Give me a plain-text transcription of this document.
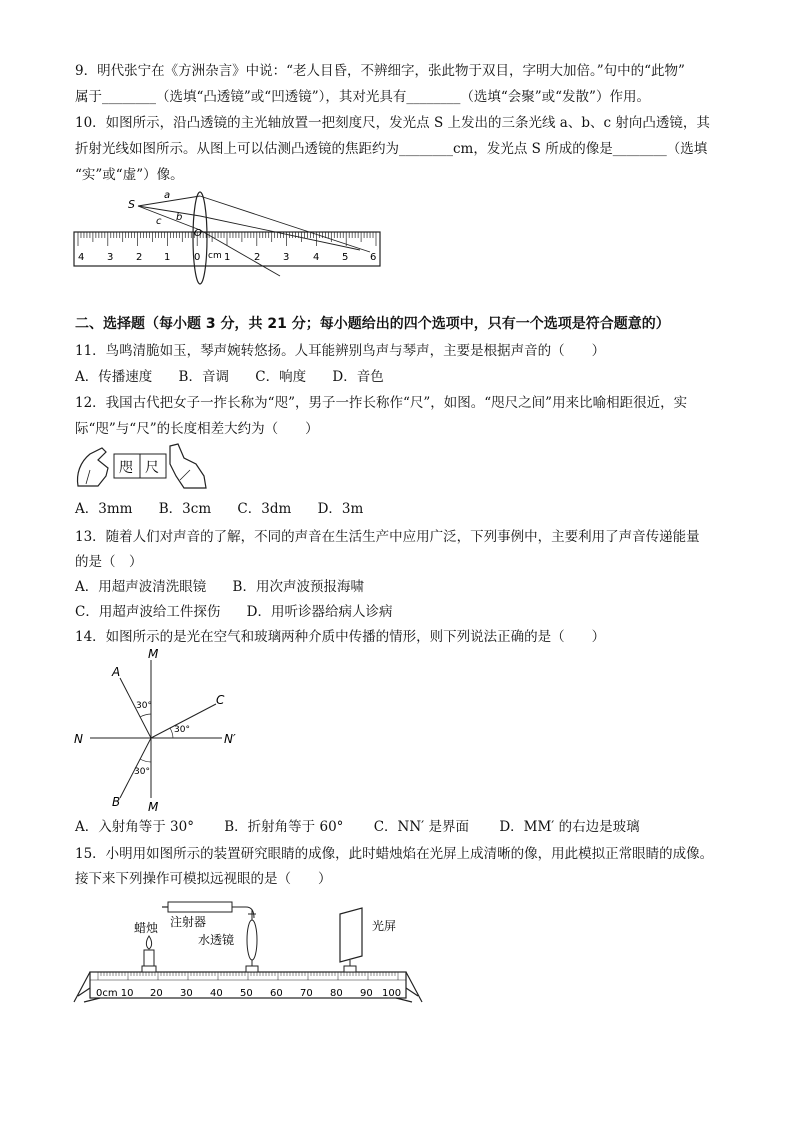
9．明代张宁在《方洲杂言》中说：“老人目昏，不辨细字，张此物于双目，字明大加倍。”句中的“此物”
属于________（选填“凸透镜”或“凹透镜”），其对光具有________（选填“会聚”或“发散”）作用。
10．如图所示，沿凸透镜的主光轴放置一把刻度尺，发光点 S 上发出的三条光线 a、b、c 射向凸透镜，其
折射光线如图所示。从图上可以估测凸透镜的焦距约为________cm，发光点 S 所成的像是________（选填
“实”或“虚”）像。
4 3 2 1 0 cm 1 2 3 4 5 6
S
a
b
c
O
二、选择题（每小题 3 分，共 21 分；每小题给出的四个选项中，只有一个选项是符合题意的）
11．鸟鸣清脆如玉，琴声婉转悠扬。人耳能辨别鸟声与琴声，主要是根据声音的（　　）
A．传播速度 B．音调 C．响度 D．音色
12．我国古代把女子一拃长称为“咫”，男子一拃长称作“尺”，如图。“咫尺之间”用来比喻相距很近，实
际“咫”与“尺”的长度相差大约为（　　）
咫 尺
A．3mm B．3cm C．3dm D．3m
13．随着人们对声音的了解，不同的声音在生活生产中应用广泛，下列事例中，主要利用了声音传递能量
的是（　）
A．用超声波清洗眼镜 B．用次声波预报海啸
C．用超声波给工件探伤 D．用听诊器给病人诊病
14．如图所示的是光在空气和玻璃两种介质中传播的情形，则下列说法正确的是（　　）
M
M
N	N′
A
B
C
30°
30°
30°
A．入射角等于 30° B．折射角等于 60° C．NN′ 是界面 D．MM′ 的右边是玻璃
15．小明用如图所示的装置研究眼睛的成像，此时蜡烛焰在光屏上成清晰的像，用此模拟正常眼睛的成像。
接下来下列操作可模拟远视眼的是（　　）
0cm 10 20 30 40 50 60 70 80 90 100
蜡烛 注射器
水透镜
光屏
